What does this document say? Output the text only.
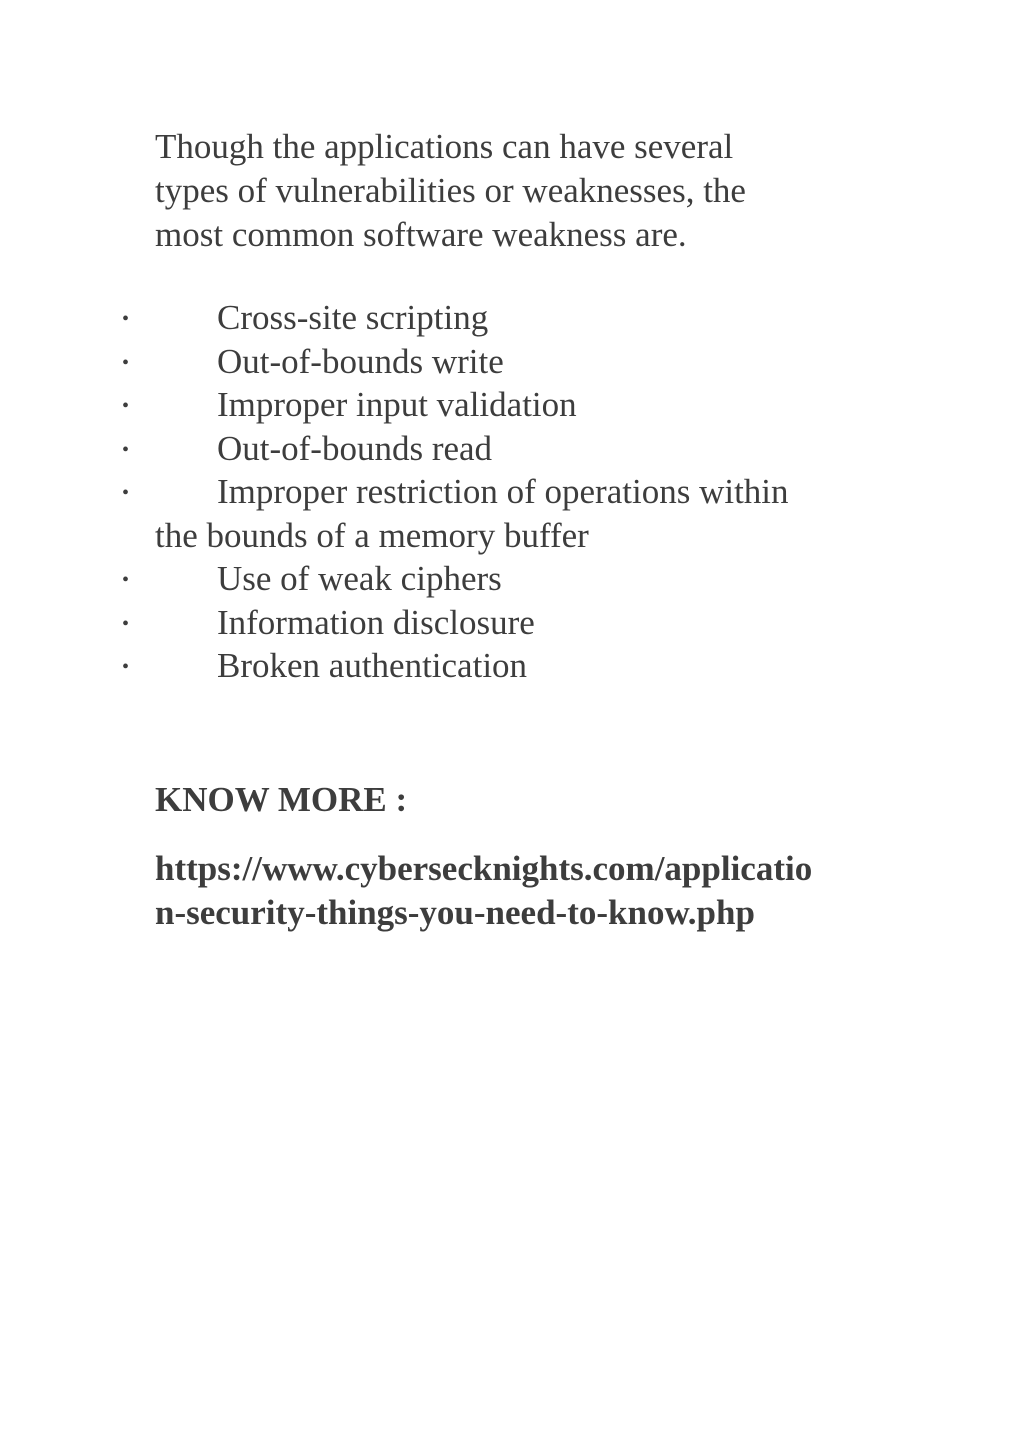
Though the applications can have several
types of vulnerabilities or weaknesses, the
most common software weakness are.

•	Cross-site scripting
•	Out-of-bounds write
•	Improper input validation
•	Out-of-bounds read
•	Improper restriction of operations within
the bounds of a memory buffer
•	Use of weak ciphers
•	Information disclosure
•	Broken authentication

KNOW MORE :

https://www.cybersecknights.com/applicatio
n-security-things-you-need-to-know.php
